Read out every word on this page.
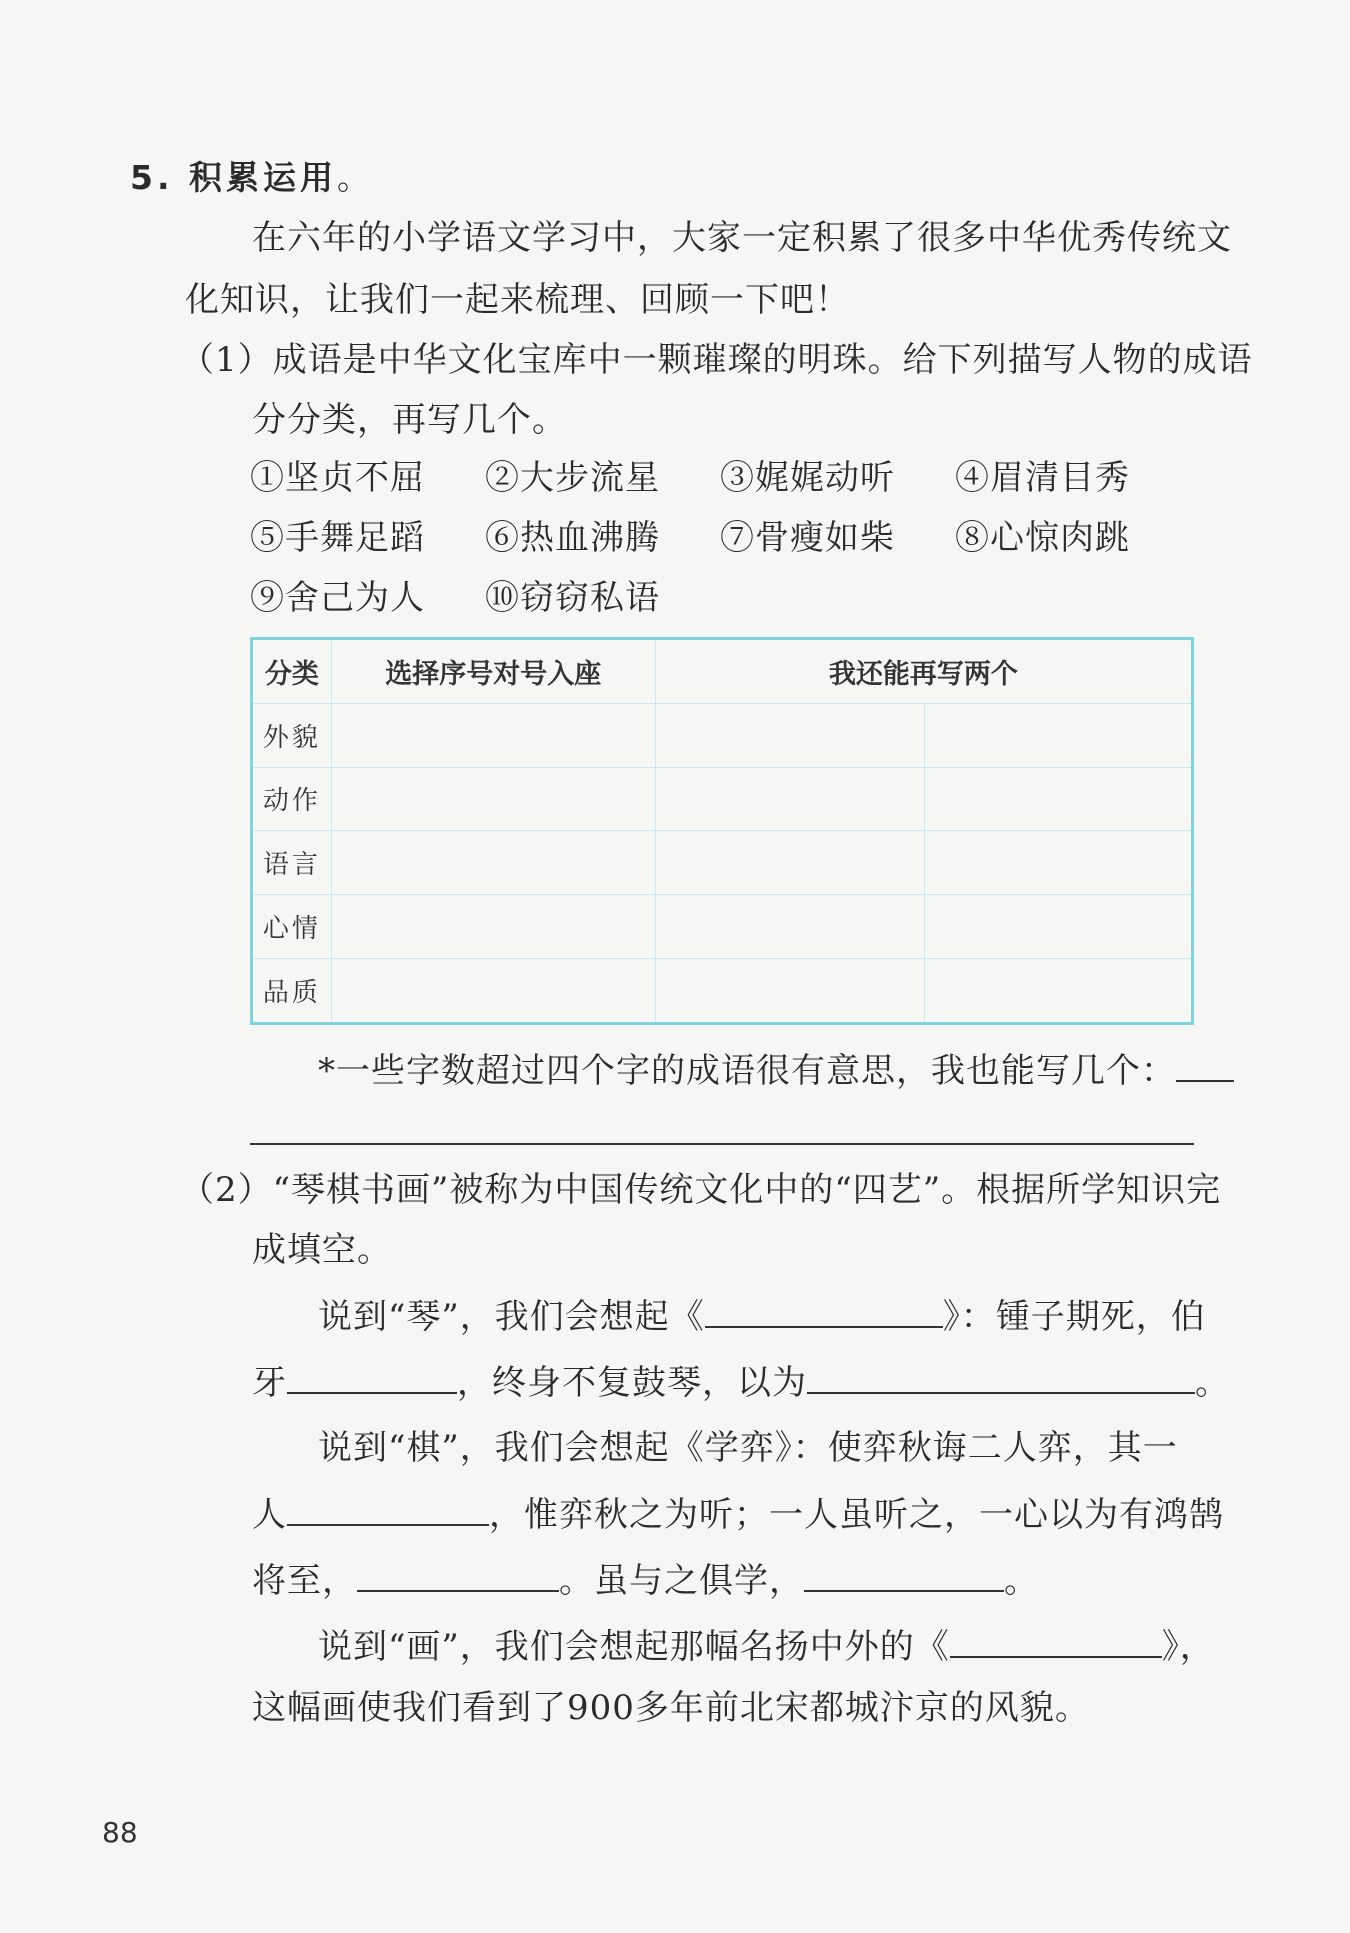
5. 积累运用。
在六年的小学语文学习中，大家一定积累了很多中华优秀传统文
化知识，让我们一起来梳理、回顾一下吧！
（1）成语是中华文化宝库中一颗璀璨的明珠。给下列描写人物的成语
分分类，再写几个。
①坚贞不屈 ②大步流星 ③娓娓动听 ④眉清目秀
⑤手舞足蹈 ⑥热血沸腾 ⑦骨瘦如柴 ⑧心惊肉跳
⑨舍己为人 ⑩窃窃私语
分类	选择序号对号入座	我还能再写两个	
外貌			
动作			
语言			
心情			
品质			
*一些字数超过四个字的成语很有意思，我也能写几个：
（2）“琴棋书画”被称为中国传统文化中的“四艺”。根据所学知识完
成填空。
说到“琴”，我们会想起《	》：锺子期死，伯
牙	，终身不复鼓琴，以为	。
说到“棋”，我们会想起《学弈》：使弈秋诲二人弈，其一
人	，惟弈秋之为听；一人虽听之，一心以为有鸿鹄
将至，	。虽与之俱学，	。
说到“画”，我们会想起那幅名扬中外的《	》，
这幅画使我们看到了900多年前北宋都城汴京的风貌。
88
